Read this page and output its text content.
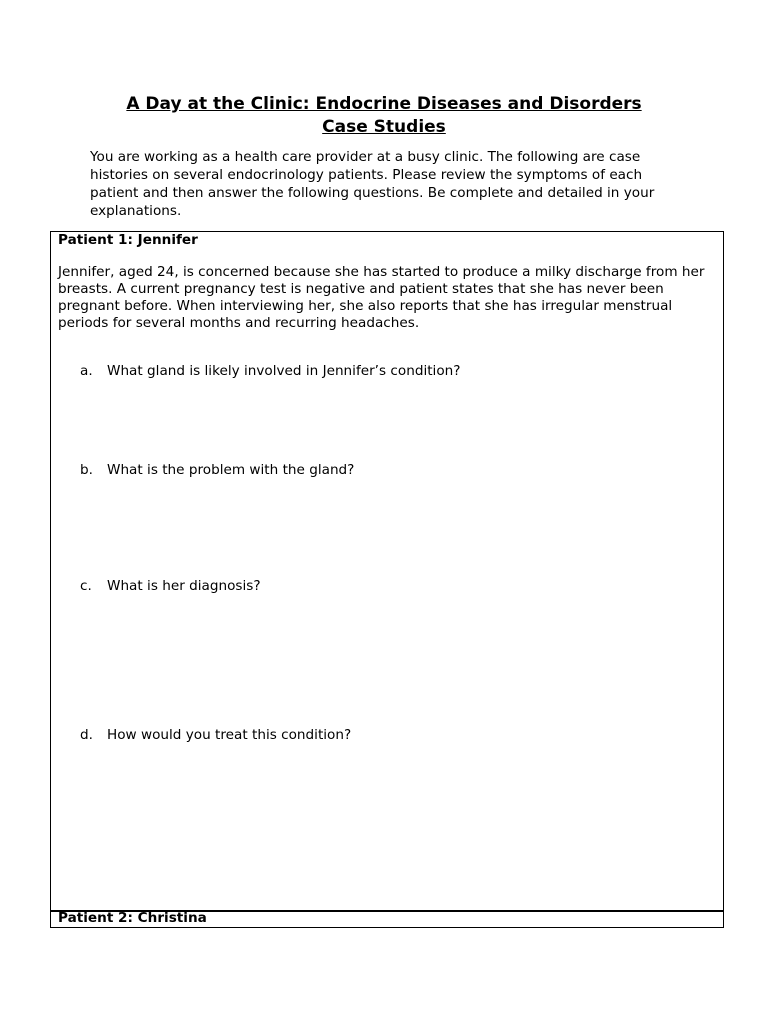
A Day at the Clinic: Endocrine Diseases and Disorders
Case Studies
You are working as a health care provider at a busy clinic. The following are case
histories on several endocrinology patients. Please review the symptoms of each
patient and then answer the following questions. Be complete and detailed in your
explanations.
Patient 1: Jennifer
Jennifer, aged 24, is concerned because she has started to produce a milky discharge from her
breasts. A current pregnancy test is negative and patient states that she has never been
pregnant before. When interviewing her, she also reports that she has irregular menstrual
periods for several months and recurring headaches.
a. What gland is likely involved in Jennifer’s condition?
b. What is the problem with the gland?
c. What is her diagnosis?
d. How would you treat this condition?
Patient 2: Christina
